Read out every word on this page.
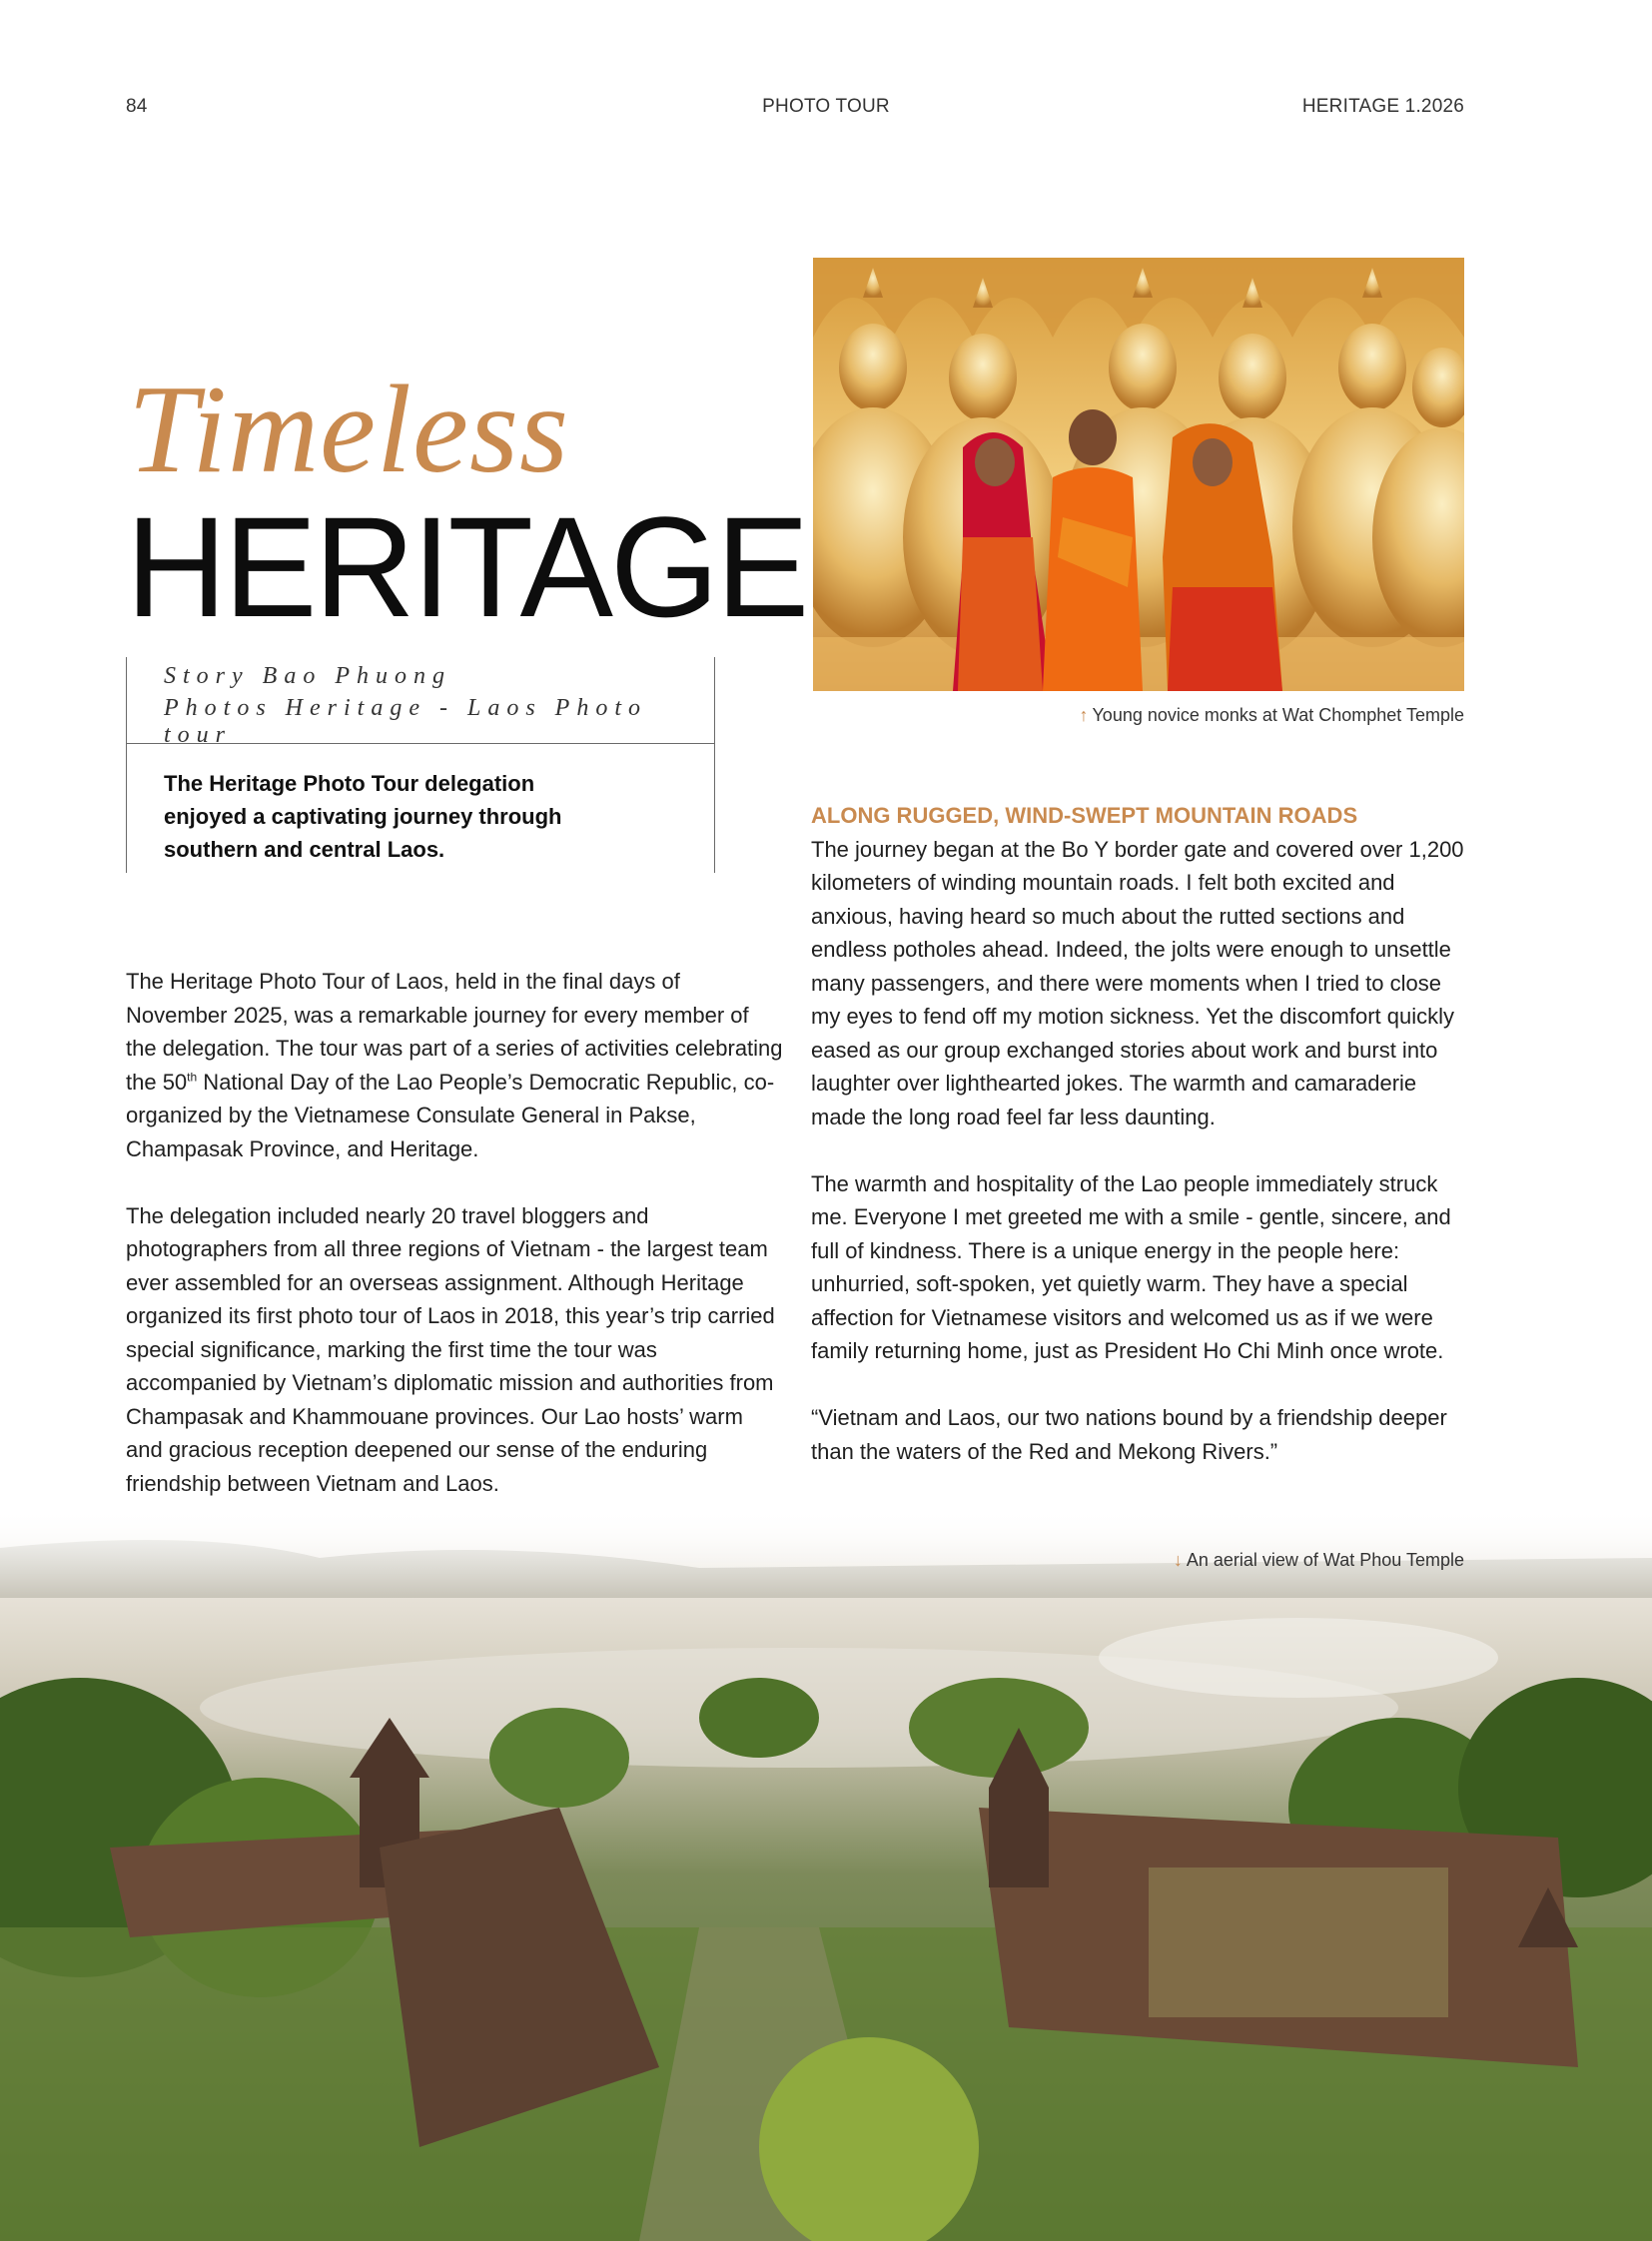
84	PHOTO TOUR	HERITAGE 1.2026
Timeless
HERITAGE
Story Bao Phuong
Photos Heritage - Laos Photo tour
The Heritage Photo Tour delegation enjoyed a captivating journey through southern and central Laos.
↑ Young novice monks at Wat Chomphet Temple

The Heritage Photo Tour of Laos, held in the final days of November 2025, was a remarkable journey for every member of the delegation. The tour was part of a series of activities celebrating the 50th National Day of the Lao People’s Democratic Republic, co-organized by the Vietnamese Consulate General in Pakse, Champasak Province, and Heritage.

The delegation included nearly 20 travel bloggers and photographers from all three regions of Vietnam - the largest team ever assembled for an overseas assignment. Although Heritage organized its first photo tour of Laos in 2018, this year’s trip carried special significance, marking the first time the tour was accompanied by Vietnam’s diplomatic mission and authorities from Champasak and Khammouane provinces. Our Lao hosts’ warm and gracious reception deepened our sense of the enduring friendship between Vietnam and Laos.

ALONG RUGGED, WIND-SWEPT MOUNTAIN ROADS

The journey began at the Bo Y border gate and covered over 1,200 kilometers of winding mountain roads. I felt both excited and anxious, having heard so much about the rutted sections and endless potholes ahead. Indeed, the jolts were enough to unsettle many passengers, and there were moments when I tried to close my eyes to fend off my motion sickness. Yet the discomfort quickly eased as our group exchanged stories about work and burst into laughter over lighthearted jokes. The warmth and camaraderie made the long road feel far less daunting.

The warmth and hospitality of the Lao people immediately struck me. Everyone I met greeted me with a smile - gentle, sincere, and full of kindness. There is a unique energy in the people here: unhurried, soft-spoken, yet quietly warm. They have a special affection for Vietnamese visitors and welcomed us as if we were family returning home, just as President Ho Chi Minh once wrote.

“Vietnam and Laos, our two nations bound by a friendship deeper than the waters of the Red and Mekong Rivers.”

↓ An aerial view of Wat Phou Temple
